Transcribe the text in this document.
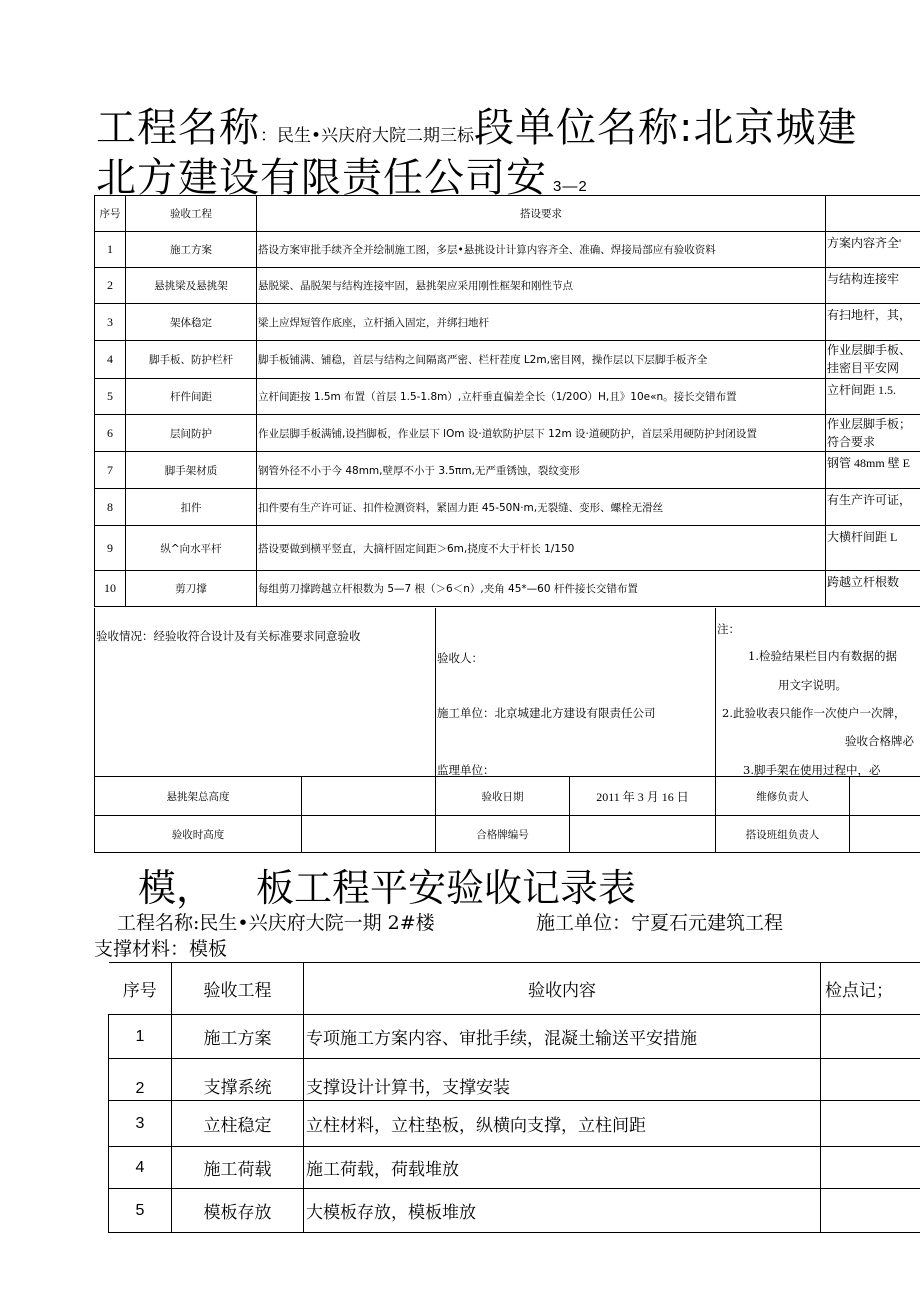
工程名称：民生•兴庆府大院二期三标段单位名称:北京城建
北方建设有限责任公司安 3—2
序号	验收工程	搭设要求	
1	施工方案	搭设方案审批手续齐全并绘制施工图，多层•悬挑设计计算内容齐全、准确、焊接局部应有验收资料	方案内容齐全'
2	悬挑梁及悬挑架	悬脱梁、晶脱架与结构连接牢固，悬挑架应采用刚性框架和刚性节点	与结构连接牢
3	架体稳定	梁上应焊短管作底座，立杆插入固定，并绑扫地杆	有扫地杆，其，
4	脚手板、防护栏杆	脚手板铺满、铺稳，首层与结构之间隔离严密、栏杆茬度 L2m,密目网，操作层以下层脚手板齐全	作业层脚手板、
挂密目平安网
5	杆件间距	立杆间距按 1.5m 布置（首层 1.5-1.8m）,立杆垂直偏差全长（1/20O）H,且》10e«n。接长交错布置	立杆间距 1.5.
6	层间防护	作业层脚手板满铺,设挡脚板，作业层下 lOm 设·道软防护层下 12m 设·道硬防护，首层采用硬防护封闭设置	作业层脚手板；
符合要求
7	脚手架材质	钢管外径不小于今 48mm,壁厚不小于 3.5πm,无严重锈蚀，裂纹变形	钢管 48mm 壁 E
8	扣件	扣件要有生产许可证、扣件检测资料，紧固力距 45-50N·m,无裂缝、变形、螺栓无滑丝	有生产许可证，
9	纵^向水平杆	搭设要做到横平竖直，大摘杆固定间距＞6m,挠度不大于杆长 1/150	大横杆间距 L
10	剪刀撑	每组剪刀撑跨越立杆根数为 5—7 根（＞6＜n）,夹角 45*—60 杆件接长交错布置	跨越立杆根数
验收情况：经验收符合设计及有关标准要求同意验收
验收人：
施工单位：北京城建北方建设有限责任公司
监理单位：
注：
1.检验结果栏目内有数据的据
用文字说明。
2.此验收表只能作一次使户一次牌，
验收合格牌必
3.脚手架在使用过程中，必
悬挑架总高度		验收日期	2011 年 3 月 16 日	维修负责人	
验收时高度		合格牌编号		搭设班组负责人	
模， 板工程平安验收记录表
工程名称:民生•兴庆府大院一期 2#楼	施工单位：宁夏石元建筑工程
支撑材料：模板
序号	验收工程	验收内容	检点记；
1	施工方案	专项施工方案内容、审批手续，混凝土输送平安措施	
2	支撑系统	支撑设计计算书，支撑安装	
3	立柱稳定	立柱材料，立柱垫板，纵横向支撑，立柱间距	
4	施工荷载	施工荷载，荷载堆放	
5	模板存放	大模板存放，模板堆放	
